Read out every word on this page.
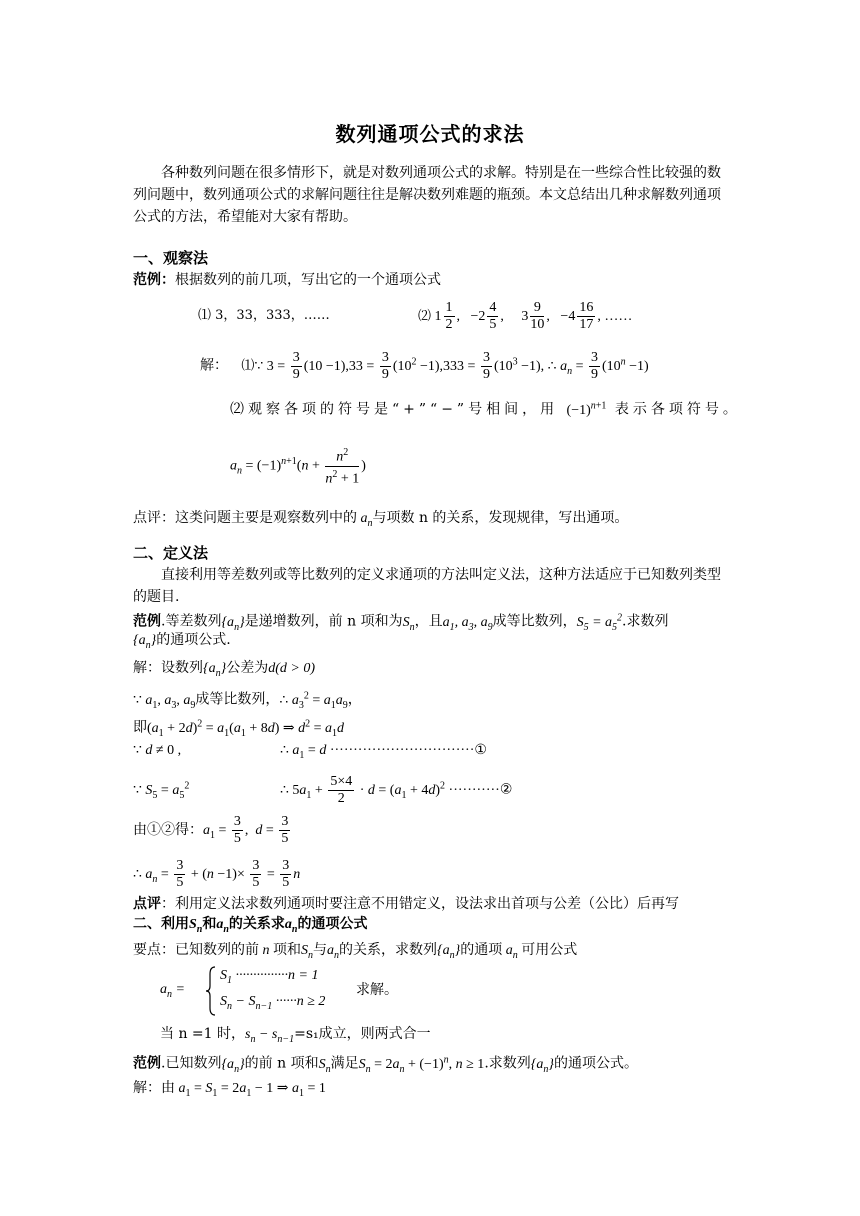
数列通项公式的求法
各种数列问题在很多情形下，就是对数列通项公式的求解。特别是在一些综合性比较强的数列问题中，数列通项公式的求解问题往往是解决数列难题的瓶颈。本文总结出几种求解数列通项公式的方法，希望能对大家有帮助。
一、观察法
范例：根据数列的前几项，写出它的一个通项公式
⑴ 3，33，333，……	⑵ $1 \frac{1}{2}$ ,   $-2 \frac{4}{5}$ ,     $3 \frac{9}{10}$ ,   $-4 \frac{16}{17}$ , ……
解： ⑴∵ $3 = \frac{3}{9} (10 -1),33 = \frac{3}{9} (10^2 -1),333 = \frac{3}{9} (10^3 -1)$, ∴ $a_n = \frac{3}{9} (10^n -1)$
⑵观察各项的符号是“+”“−”号相间，用 $(-1)^{n+1}$ 表示各项符号。
$a_n = (-1)^{n+1}(n + \frac{n^2}{n^2 + 1}$ )
点评：这类问题主要是观察数列中的 $a_n$与项数 n 的关系，发现规律，写出通项。
二、定义法
直接利用等差数列或等比数列的定义求通项的方法叫定义法，这种方法适应于已知数列类型的题目.
范例.等差数列$\{a_n\}$是递增数列，前 n 项和为$S_n$，且$a_1$, $a_3$, $a_9$成等比数列，$S_5 = a_5^2$.求数列
$\{a_n\}$的通项公式.
解：设数列$\{a_n\}$公差为d(d > 0)
∵ $a_1$, $a_3$, $a_9$成等比数列，∴ $a_3^2 = a_1a_9$，
即$(a_1 + 2d)^2 = a_1(a_1 + 8d)$ ⇒ $d^2 = a_1d$
∵ d ≠ 0 ,	∴ $a_1 = d$ ·······························①
∵ $S_5 = a_5^2$	∴ $5a_1 + \frac{5\times 4}{2} \cdot d = (a_1 + 4d)^2$ ···········②
由①②得：$a_1 = \frac{3}{5}$ ,  $d = \frac{3}{5}$
∴ $a_n = \frac{3}{5} + (n -1)\times \frac{3}{5} = \frac{3}{5}$ n
点评：利用定义法求数列通项时要注意不用错定义，设法求出首项与公差（公比）后再写
二、利用$S_n$和$a_n$的关系求$a_n$的通项公式
要点：已知数列的前 n 项和$S_n$与$a_n$的关系，求数列$\{a_n\}$的通项 $a_n$ 可用公式
$a_n$ =
$S_1 \cdot\cdot\cdot\cdot\cdot\cdot\cdot\cdot\cdot\cdot\cdot\cdot\cdot\cdot\cdot n = 1$
$S_n - S_{n-1} \cdot\cdot\cdot\cdot\cdot\cdot n \ge 2$
求解。
当 n =1 时，$s_n - s_{n-1}=s_1$成立，则两式合一
范例.已知数列$\{a_n\}$的前 n 项和$S_n$满足$S_n = 2a_n + (-1)^n$, n ≥ 1.求数列$\{a_n\}$的通项公式。
解：由 $a_1 = S_1 = 2a_1 - 1$ ⇒ $a_1 = 1$
